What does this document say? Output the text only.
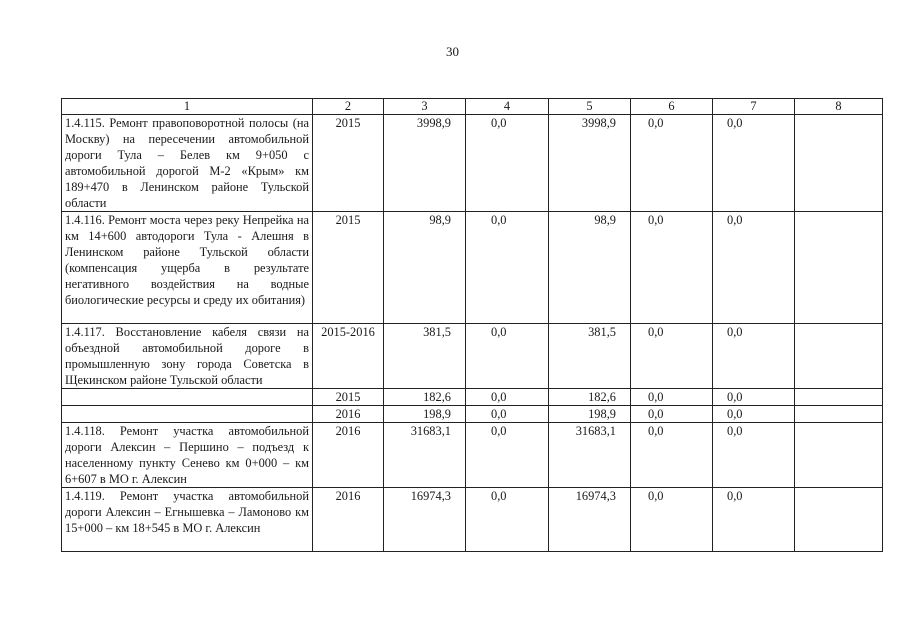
30
1	2	3	4	5	6	7	8
1.4.115. Ремонт правоповоротной полосы (на Москву) на пересечении автомобильной дороги Тула – Белев км 9+050 с автомобильной дорогой М-2 «Крым» км 189+470 в Ленинском районе Тульской области	2015	3998,9	0,0	3998,9	0,0	0,0	
1.4.116. Ремонт моста через реку Непрейка на км 14+600 автодороги Тула - Алешня в Ленинском районе Тульской области (компенсация ущерба в результате негативного воздействия на водные биологические ресурсы и среду их обитания)	2015	98,9	0,0	98,9	0,0	0,0	
1.4.117. Восстановление кабеля связи на объездной автомобильной дороге в промышленную зону города Советска в Щекинском районе Тульской области	2015-2016	381,5	0,0	381,5	0,0	0,0	
	2015	182,6	0,0	182,6	0,0	0,0	
	2016	198,9	0,0	198,9	0,0	0,0	
1.4.118. Ремонт участка автомобильной дороги Алексин – Першино – подъезд к населенному пункту Сенево км 0+000 – км 6+607 в МО г. Алексин	2016	31683,1	0,0	31683,1	0,0	0,0	
1.4.119. Ремонт участка автомобильной дороги Алексин – Егнышевка – Ламоново км 15+000 – км 18+545 в МО г. Алексин	2016	16974,3	0,0	16974,3	0,0	0,0	
